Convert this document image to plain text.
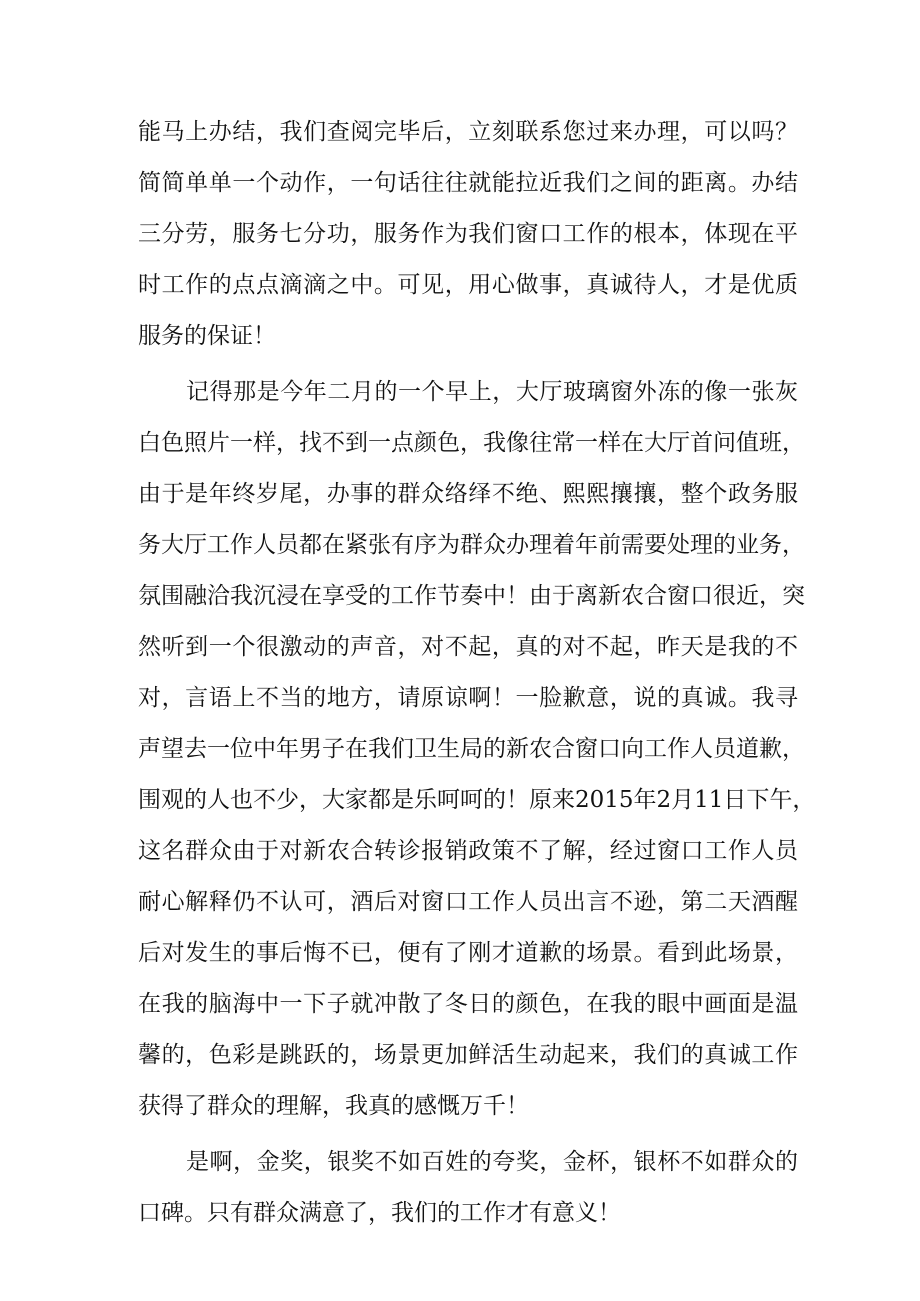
能马上办结，我们查阅完毕后，立刻联系您过来办理，可以吗？
简简单单一个动作，一句话往往就能拉近我们之间的距离。办结
三分劳，服务七分功，服务作为我们窗口工作的根本，体现在平
时工作的点点滴滴之中。可见，用心做事，真诚待人，才是优质
服务的保证！
记得那是今年二月的一个早上，大厅玻璃窗外冻的像一张灰
白色照片一样，找不到一点颜色，我像往常一样在大厅首问值班，
由于是年终岁尾，办事的群众络绎不绝、熙熙攘攘，整个政务服
务大厅工作人员都在紧张有序为群众办理着年前需要处理的业务，
氛围融洽我沉浸在享受的工作节奏中！由于离新农合窗口很近，突
然听到一个很激动的声音，对不起，真的对不起，昨天是我的不
对，言语上不当的地方，请原谅啊！一脸歉意，说的真诚。我寻
声望去一位中年男子在我们卫生局的新农合窗口向工作人员道歉，
围观的人也不少，大家都是乐呵呵的！原来2015年2月11日下午，
这名群众由于对新农合转诊报销政策不了解，经过窗口工作人员
耐心解释仍不认可，酒后对窗口工作人员出言不逊，第二天酒醒
后对发生的事后悔不已，便有了刚才道歉的场景。看到此场景，
在我的脑海中一下子就冲散了冬日的颜色，在我的眼中画面是温
馨的，色彩是跳跃的，场景更加鲜活生动起来，我们的真诚工作
获得了群众的理解，我真的感慨万千！
是啊，金奖，银奖不如百姓的夸奖，金杯，银杯不如群众的
口碑。只有群众满意了，我们的工作才有意义！
